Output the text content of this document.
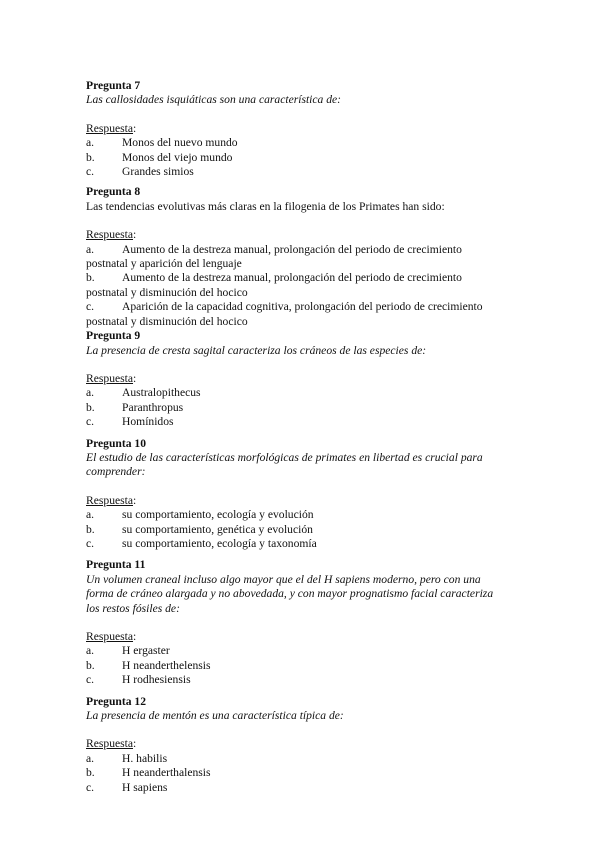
Pregunta 7

Las callosidades isquiáticas son una característica de:

Respuesta:

a. Monos del nuevo mundo

b. Monos del viejo mundo

c. Grandes simios

Pregunta 8

Las tendencias evolutivas más claras en la filogenia de los Primates han sido:

Respuesta:

a. Aumento de la destreza manual, prolongación del periodo de crecimiento
postnatal y aparición del lenguaje

b. Aumento de la destreza manual, prolongación del periodo de crecimiento
postnatal y disminución del hocico

c. Aparición de la capacidad cognitiva, prolongación del periodo de crecimiento
postnatal y disminución del hocico

Pregunta 9

La presencia de cresta sagital caracteriza los cráneos de las especies de:

Respuesta:

a. Australopithecus

b. Paranthropus

c. Homínidos

Pregunta 10

El estudio de las características morfológicas de primates en libertad es crucial para
comprender:

Respuesta:

a. su comportamiento, ecología y evolución

b. su comportamiento, genética y evolución

c. su comportamiento, ecología y taxonomía

Pregunta 11

Un volumen craneal incluso algo mayor que el del H sapiens moderno, pero con una
forma de cráneo alargada y no abovedada, y con mayor prognatismo facial caracteriza
los restos fósiles de:

Respuesta:

a. H ergaster

b. H neanderthelensis

c. H rodhesiensis

Pregunta 12

La presencia de mentón es una característica típica de:

Respuesta:

a. H. habilis

b. H neanderthalensis

c. H sapiens
